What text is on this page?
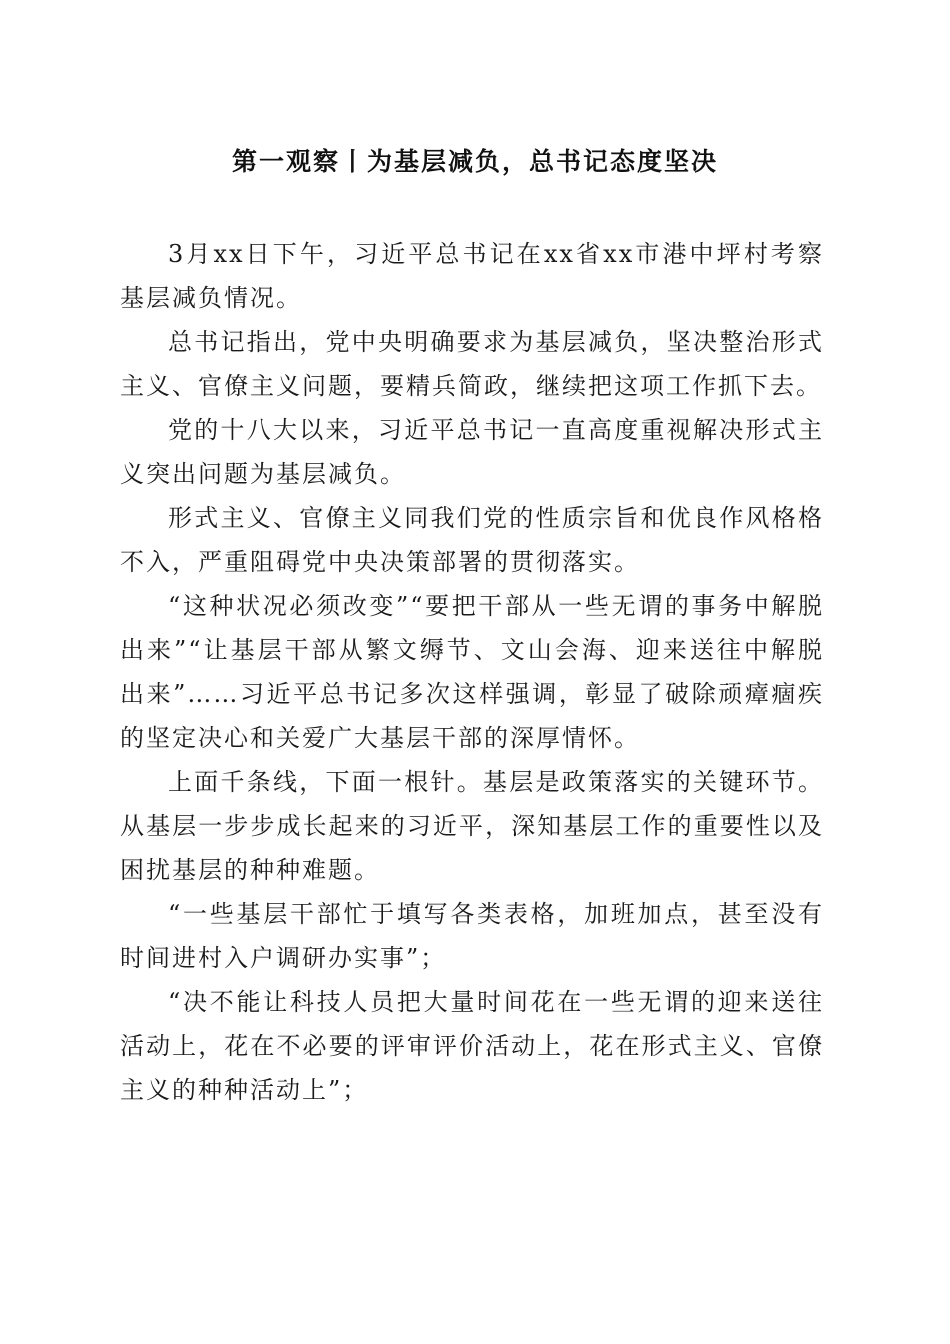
第一观察丨为基层减负，总书记态度坚决

3月xx日下午，习近平总书记在xx省xx市港中坪村考察基层减负情况。

总书记指出，党中央明确要求为基层减负，坚决整治形式主义、官僚主义问题，要精兵简政，继续把这项工作抓下去。

党的十八大以来，习近平总书记一直高度重视解决形式主义突出问题为基层减负。

形式主义、官僚主义同我们党的性质宗旨和优良作风格格不入，严重阻碍党中央决策部署的贯彻落实。

“这种状况必须改变”“要把干部从一些无谓的事务中解脱出来”“让基层干部从繁文缛节、文山会海、迎来送往中解脱出来”……习近平总书记多次这样强调，彰显了破除顽瘴痼疾的坚定决心和关爱广大基层干部的深厚情怀。

上面千条线，下面一根针。基层是政策落实的关键环节。从基层一步步成长起来的习近平，深知基层工作的重要性以及困扰基层的种种难题。

“一些基层干部忙于填写各类表格，加班加点，甚至没有时间进村入户调研办实事”；

“决不能让科技人员把大量时间花在一些无谓的迎来送往活动上，花在不必要的评审评价活动上，花在形式主义、官僚主义的种种活动上”；
